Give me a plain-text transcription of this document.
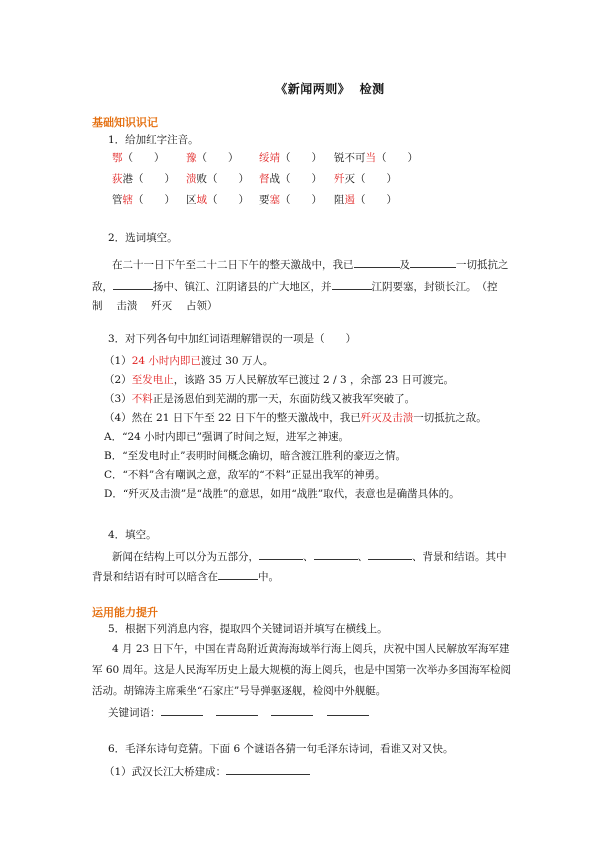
《新闻两则》 检测
基础知识识记
1．给加红字注音。
鄂（　　） 豫（　　） 绥靖（　　） 锐不可当（　　）
荻港（　　） 溃败（　　） 督战（　　） 歼灭（　　）
管辖（　　） 区域（　　） 要塞（　　） 阻遏（　　）
2．选词填空。
在二十一日下午至二十二日下午的整天激战中，我已	及	一切抵抗之
敌，	扬中、镇江、江阴诸县的广大地区，并	江阴要塞，封锁长江。　（控
制　 击溃　 歼灭　 占领）
3．对下列各句中加红词语理解错误的一项是（　　）
（1）24 小时内即已渡过 30 万人。
（2）至发电止，该路 35 万人民解放军已渡过 2 / 3 ，余部 23 日可渡完。
（3）不料正是汤恩伯到芜湖的那一天，东面防线又被我军突破了。
（4）然在 21 日下午至 22 日下午的整天激战中，我已歼灭及击溃一切抵抗之敌。
A．“24 小时内即已”强调了时间之短，进军之神速。
B．“至发电时止”表明时间概念确切，暗含渡江胜利的豪迈之情。
C．“不料”含有嘲讽之意，敌军的“不料”正显出我军的神勇。
D．“歼灭及击溃”是“战胜”的意思，如用“战胜”取代，表意也是确凿具体的。
4．填空。
新闻在结构上可以分为五部分，	、	、	、背景和结语。其中
背景和结语有时可以暗含在	中。
运用能力提升
5．根据下列消息内容，提取四个关键词语并填写在横线上。
4 月 23 日下午，中国在青岛附近黄海海域举行海上阅兵，庆祝中国人民解放军海军建
军 60 周年。这是人民海军历史上最大规模的海上阅兵，也是中国第一次举办多国海军检阅
活动。胡锦涛主席乘坐“石家庄”号导弹驱逐舰，检阅中外舰艇。
关键词语：
6．毛泽东诗句竞猜。下面 6 个谜语各猜一句毛泽东诗词，看谁又对又快。
（1）武汉长江大桥建成：
